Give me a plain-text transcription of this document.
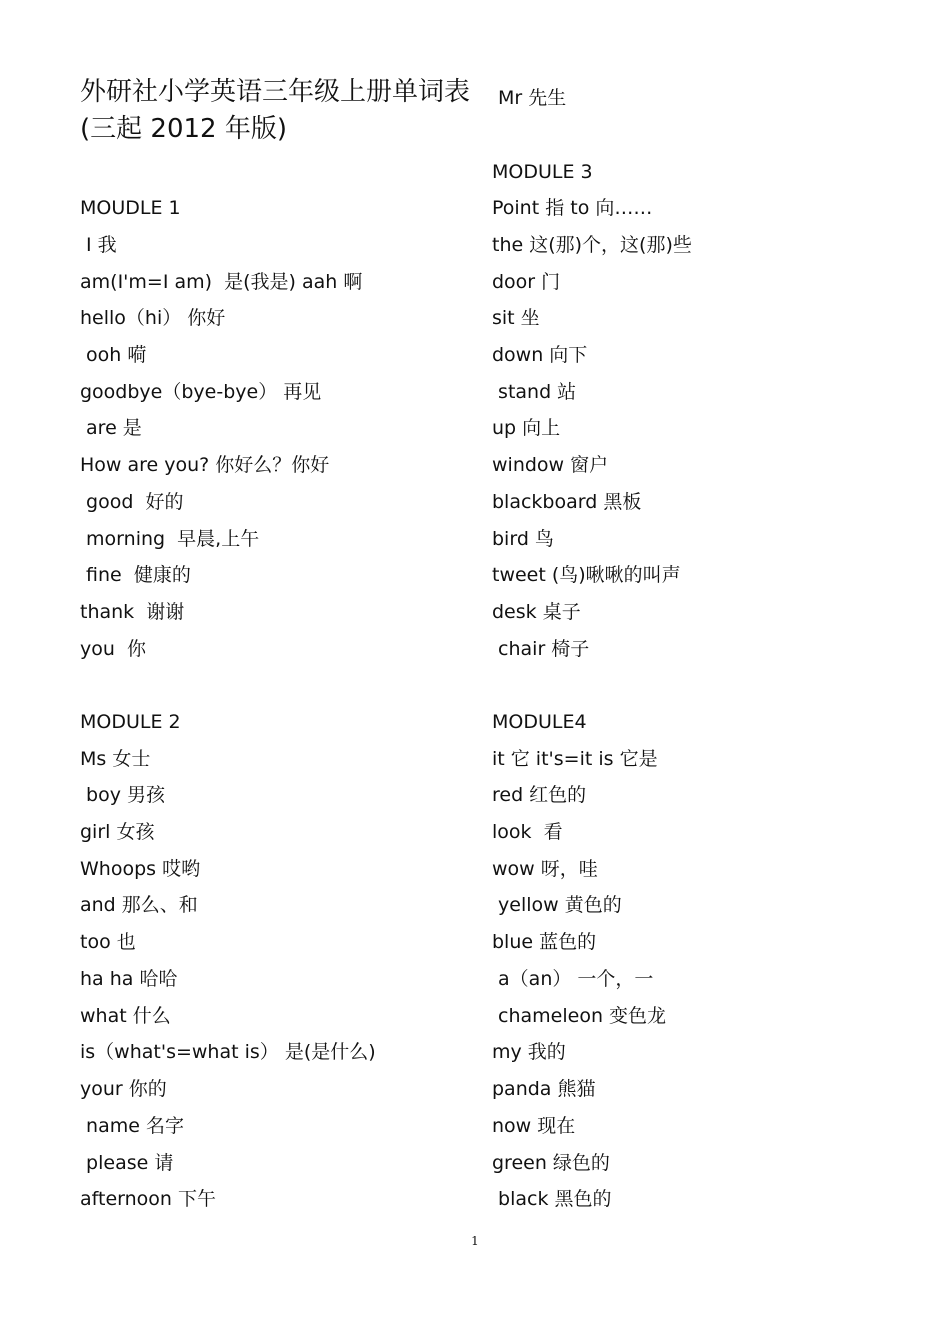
外研社小学英语三年级上册单词表(三起 2012 年版)
MOUDLE 1
I 我
am(I'm=I am)  是(我是) aah 啊
hello（hi） 你好
ooh 嗬
goodbye（bye-bye） 再见
are 是
How are you? 你好么？你好
good  好的
morning  早晨,上午
fine  健康的
thank  谢谢
you  你
MODULE 2
Ms 女士
boy 男孩
girl 女孩
Whoops 哎哟
and 那么、和
too 也
ha ha 哈哈
what 什么
is（what's=what is） 是(是什么)
your 你的
name 名字
please 请
afternoon 下午
Mr 先生
MODULE 3
Point 指 to 向……
the 这(那)个，这(那)些
door 门
sit 坐
down 向下
stand 站
up 向上
window 窗户
blackboard 黑板
bird 鸟
tweet (鸟)啾啾的叫声
desk 桌子
chair 椅子
MODULE4
it 它 it's=it is 它是
red 红色的
look  看
wow 呀，哇
yellow 黄色的
blue 蓝色的
a（an） 一个，一
chameleon 变色龙
my 我的
panda 熊猫
now 现在
green 绿色的
black 黑色的
1
